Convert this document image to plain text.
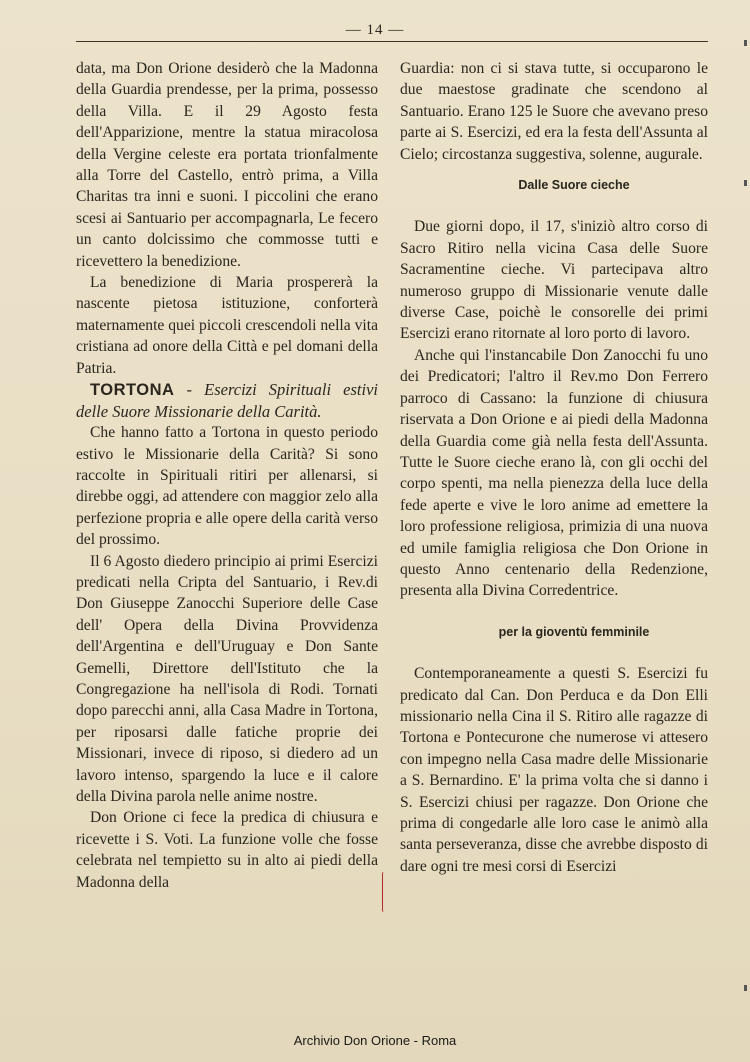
— 14 —

data, ma Don Orione desiderò che la Madonna della Guardia prendesse, per la prima, possesso della Villa. E il 29 Agosto festa dell'Apparizione, mentre la statua miracolosa della Vergine celeste era portata trionfalmente alla Torre del Castello, entrò prima, a Villa Charitas tra inni e suoni. I piccolini che erano scesi ai Santuario per accompagnarla, Le fecero un canto dolcissimo che commosse tutti e ricevettero la benedizione.

La benedizione di Maria prospererà la nascente pietosa istituzione, conforterà maternamente quei piccoli crescendoli nella vita cristiana ad onore della Città e pel domani della Patria.

TORTONA - Esercizi Spirituali estivi delle Suore Missionarie della Carità.

Che hanno fatto a Tortona in questo periodo estivo le Missionarie della Carità? Si sono raccolte in Spirituali ritiri per allenarsi, si direbbe oggi, ad attendere con maggior zelo alla perfezione propria e alle opere della carità verso del prossimo.

Il 6 Agosto diedero principio ai primi Esercizi predicati nella Cripta del Santuario, i Rev.di Don Giuseppe Zanocchi Superiore delle Case dell' Opera della Divina Provvidenza dell'Argentina e dell'Uruguay e Don Sante Gemelli, Direttore dell'Istituto che la Congregazione ha nell'isola di Rodi. Tornati dopo parecchi anni, alla Casa Madre in Tortona, per riposarsi dalle fatiche proprie dei Missionari, invece di riposo, si diedero ad un lavoro intenso, spargendo la luce e il calore della Divina parola nelle anime nostre.

Don Orione ci fece la predica di chiusura e ricevette i S. Voti. La funzione volle che fosse celebrata nel tempietto su in alto ai piedi della Madonna della

Guardia: non ci si stava tutte, si occuparono le due maestose gradinate che scendono al Santuario. Erano 125 le Suore che avevano preso parte ai S. Esercizi, ed era la festa dell'Assunta al Cielo; circostanza suggestiva, solenne, augurale.

Dalle Suore cieche

Due giorni dopo, il 17, s'iniziò altro corso di Sacro Ritiro nella vicina Casa delle Suore Sacramentine cieche. Vi partecipava altro numeroso gruppo di Missionarie venute dalle diverse Case, poichè le consorelle dei primi Esercizi erano ritornate al loro porto di lavoro.

Anche qui l'instancabile Don Zanocchi fu uno dei Predicatori; l'altro il Rev.mo Don Ferrero parroco di Cassano: la funzione di chiusura riservata a Don Orione e ai piedi della Madonna della Guardia come già nella festa dell'Assunta. Tutte le Suore cieche erano là, con gli occhi del corpo spenti, ma nella pienezza della luce della fede aperte e vive le loro anime ad emettere la loro professione religiosa, primizia di una nuova ed umile famiglia religiosa che Don Orione in questo Anno centenario della Redenzione, presenta alla Divina Corredentrice.

per la gioventù femminile

Contemporaneamente a questi S. Esercizi fu predicato dal Can. Don Perduca e da Don Elli missionario nella Cina il S. Ritiro alle ragazze di Tortona e Pontecurone che numerose vi attesero con impegno nella Casa madre delle Missionarie a S. Bernardino. E' la prima volta che si danno i S. Esercizi chiusi per ragazze. Don Orione che prima di congedarle alle loro case le animò alla santa perseveranza, disse che avrebbe disposto di dare ogni tre mesi corsi di Esercizi

Archivio Don Orione - Roma
